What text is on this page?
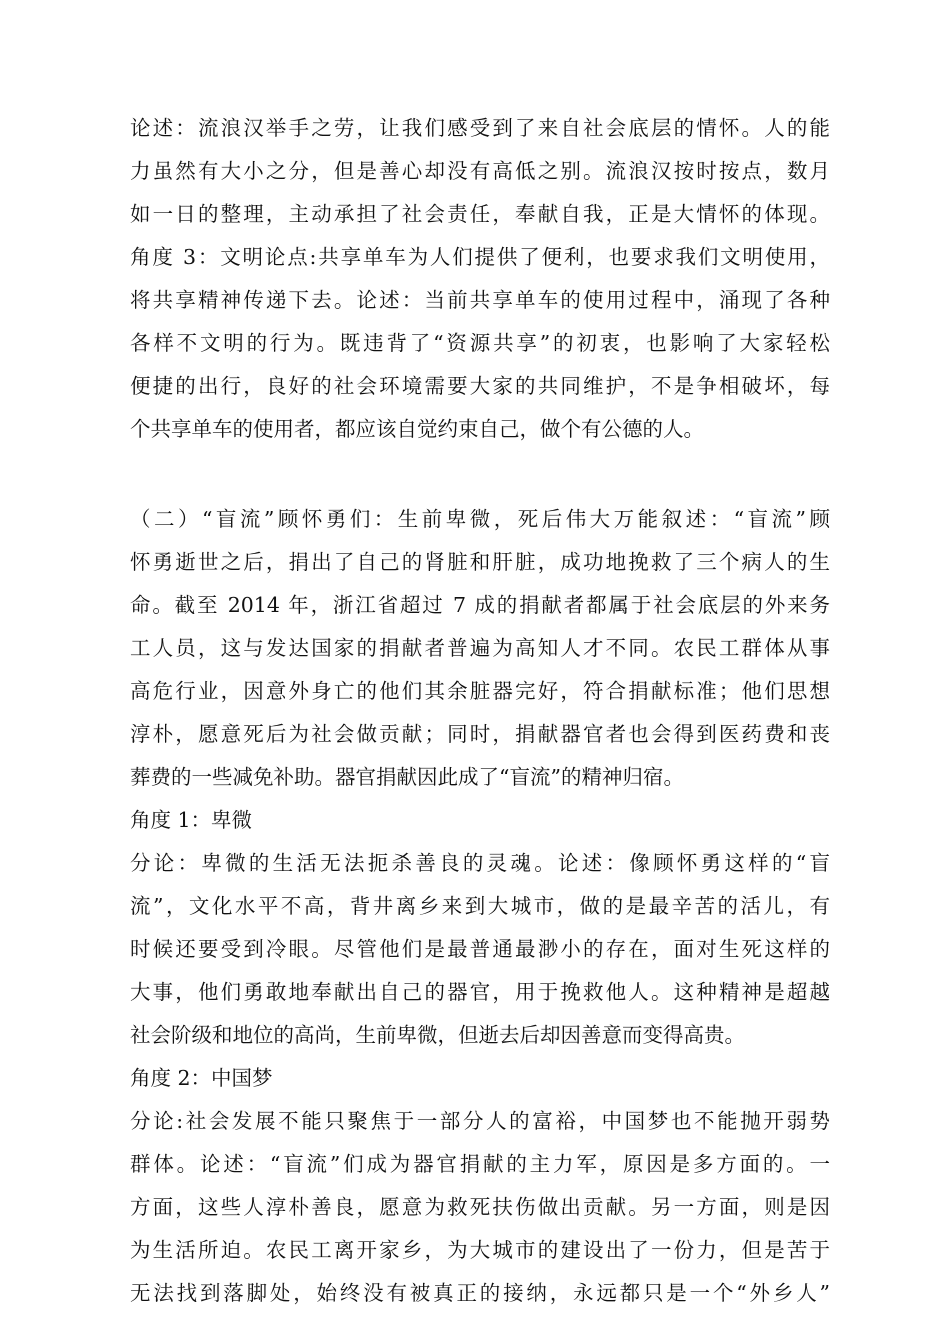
论述：流浪汉举手之劳，让我们感受到了来自社会底层的情怀。人的能
力虽然有大小之分，但是善心却没有高低之别。流浪汉按时按点，数月
如一日的整理，主动承担了社会责任，奉献自我，正是大情怀的体现。
角度 3：文明论点:共享单车为人们提供了便利，也要求我们文明使用，
将共享精神传递下去。论述：当前共享单车的使用过程中，涌现了各种
各样不文明的行为。既违背了“资源共享”的初衷，也影响了大家轻松
便捷的出行，良好的社会环境需要大家的共同维护，不是争相破坏，每
个共享单车的使用者，都应该自觉约束自己，做个有公德的人。
（二）“盲流”顾怀勇们：生前卑微，死后伟大万能叙述：“盲流”顾
怀勇逝世之后，捐出了自己的肾脏和肝脏，成功地挽救了三个病人的生
命。截至 2014 年，浙江省超过 7 成的捐献者都属于社会底层的外来务
工人员，这与发达国家的捐献者普遍为高知人才不同。农民工群体从事
高危行业，因意外身亡的他们其余脏器完好，符合捐献标准；他们思想
淳朴，愿意死后为社会做贡献；同时，捐献器官者也会得到医药费和丧
葬费的一些减免补助。器官捐献因此成了“盲流”的精神归宿。
角度 1：卑微
分论：卑微的生活无法扼杀善良的灵魂。论述：像顾怀勇这样的“盲
流”，文化水平不高，背井离乡来到大城市，做的是最辛苦的活儿，有
时候还要受到冷眼。尽管他们是最普通最渺小的存在，面对生死这样的
大事，他们勇敢地奉献出自己的器官，用于挽救他人。这种精神是超越
社会阶级和地位的高尚，生前卑微，但逝去后却因善意而变得高贵。
角度 2：中国梦
分论:社会发展不能只聚焦于一部分人的富裕，中国梦也不能抛开弱势
群体。论述：“盲流”们成为器官捐献的主力军，原因是多方面的。一
方面，这些人淳朴善良，愿意为救死扶伤做出贡献。另一方面，则是因
为生活所迫。农民工离开家乡，为大城市的建设出了一份力，但是苦于
无法找到落脚处，始终没有被真正的接纳，永远都只是一个“外乡人”
